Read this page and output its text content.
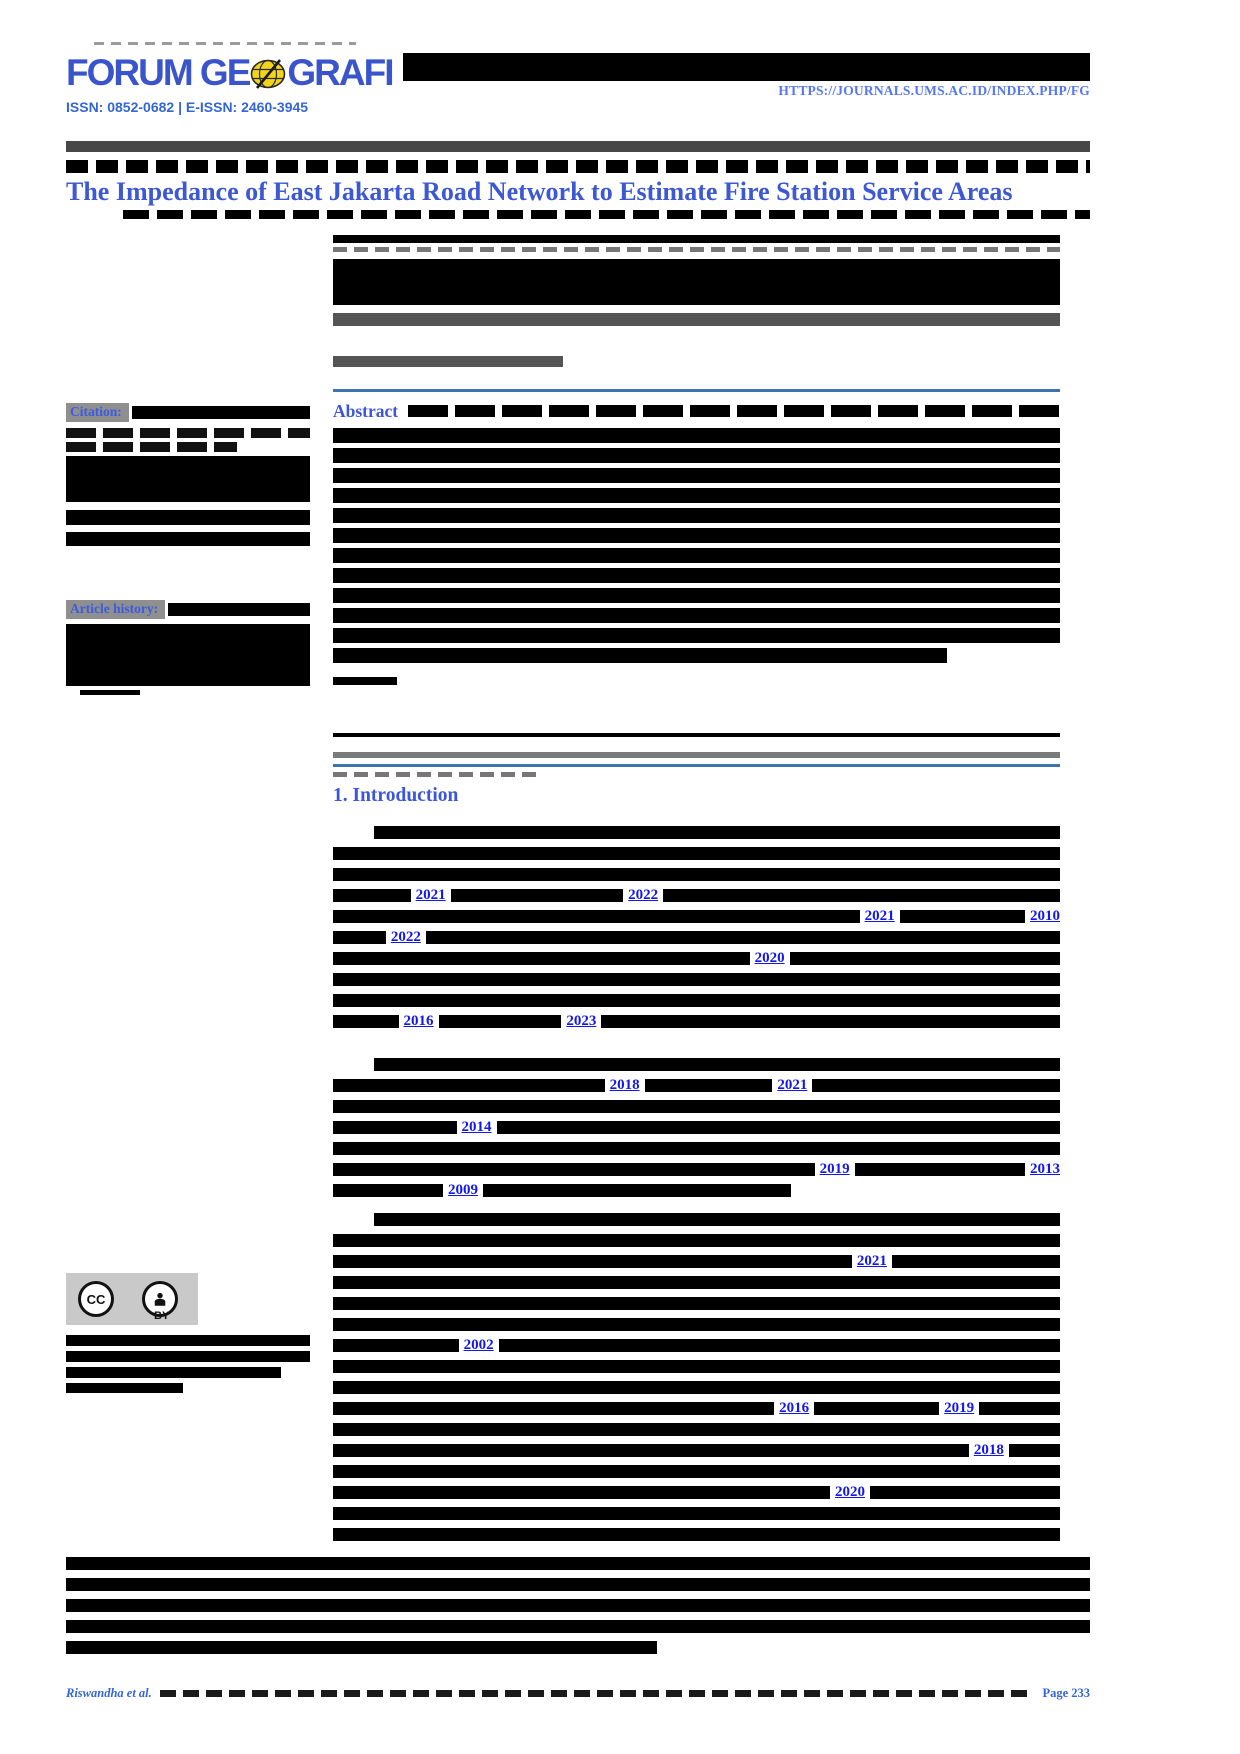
FORUM GE GRAFI	HTTPS://JOURNALS.UMS.AC.ID/INDEX.PHP/FG
ISSN: 0852-0682 | E-ISSN: 2460-3945
The Impedance of East Jakarta Road Network to Estimate Fire Station Service Areas
Citation:
Article history:
CC
BY
Abstract
1. Introduction
2021	2022
2021	2010
2022
2020
2016	2023
2018	2021
2014
2019	2013
2009
2021
2002
2016	2019
2018
2020
Riswandha et al.	Page 233
